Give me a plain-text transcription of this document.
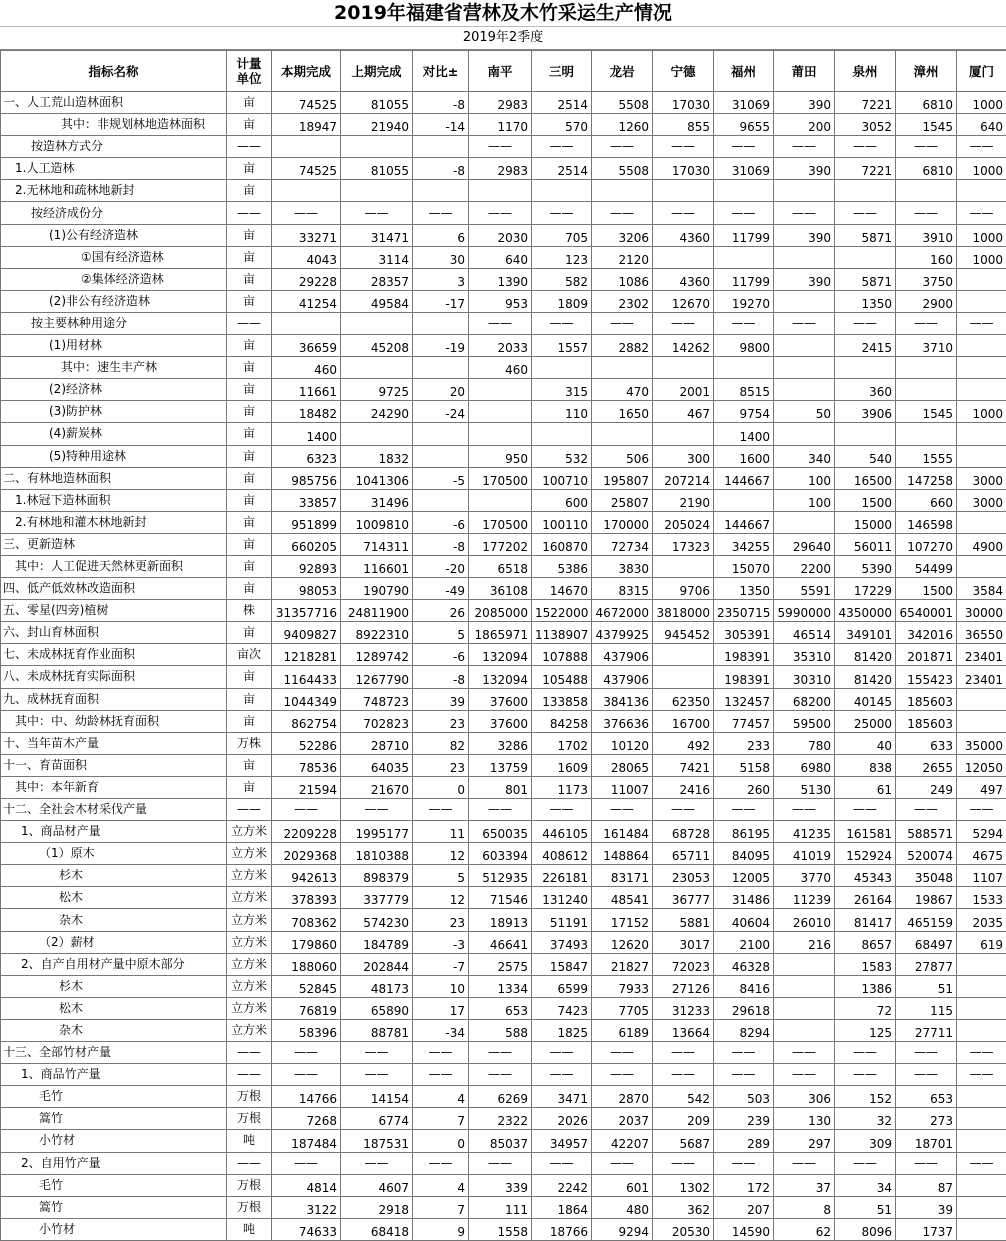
2019年福建省营林及木竹采运生产情况
2019年2季度
指标名称	计量单位	本期完成	上期完成	对比±	南平	三明	龙岩	宁德	福州	莆田	泉州	漳州	厦门
一、人工荒山造林面积	亩	74525	81055	-8	2983	2514	5508	17030	31069	390	7221	6810	1000
其中：非规划林地造林面积	亩	18947	21940	-14	1170	570	1260	855	9655	200	3052	1545	640
按造林方式分	——				——	——	——	——	——	——	——	——	——
1.人工造林	亩	74525	81055	-8	2983	2514	5508	17030	31069	390	7221	6810	1000
2.无林地和疏林地新封	亩												
按经济成份分	——	——	——	——	——	——	——	——	——	——	——	——	——
(1)公有经济造林	亩	33271	31471	6	2030	705	3206	4360	11799	390	5871	3910	1000
①国有经济造林	亩	4043	3114	30	640	123	2120					160	1000
②集体经济造林	亩	29228	28357	3	1390	582	1086	4360	11799	390	5871	3750	
(2)非公有经济造林	亩	41254	49584	-17	953	1809	2302	12670	19270		1350	2900	
按主要林种用途分	——				——	——	——	——	——	——	——	——	——
(1)用材林	亩	36659	45208	-19	2033	1557	2882	14262	9800		2415	3710	
其中：速生丰产林	亩	460			460								
(2)经济林	亩	11661	9725	20		315	470	2001	8515		360		
(3)防护林	亩	18482	24290	-24		110	1650	467	9754	50	3906	1545	1000
(4)薪炭林	亩	1400							1400				
(5)特种用途林	亩	6323	1832		950	532	506	300	1600	340	540	1555	
二、有林地造林面积	亩	985756	1041306	-5	170500	100710	195807	207214	144667	100	16500	147258	3000
1.林冠下造林面积	亩	33857	31496			600	25807	2190		100	1500	660	3000
2.有林地和灌木林地新封	亩	951899	1009810	-6	170500	100110	170000	205024	144667		15000	146598	
三、更新造林	亩	660205	714311	-8	177202	160870	72734	17323	34255	29640	56011	107270	4900
其中：人工促进天然林更新面积	亩	92893	116601	-20	6518	5386	3830		15070	2200	5390	54499	
四、低产低效林改造面积	亩	98053	190790	-49	36108	14670	8315	9706	1350	5591	17229	1500	3584
五、零星(四旁)植树	株	31357716	24811900	26	2085000	1522000	4672000	3818000	2350715	5990000	4350000	6540001	30000
六、封山育林面积	亩	9409827	8922310	5	1865971	1138907	4379925	945452	305391	46514	349101	342016	36550
七、未成林抚育作业面积	亩次	1218281	1289742	-6	132094	107888	437906		198391	35310	81420	201871	23401
八、未成林抚育实际面积	亩	1164433	1267790	-8	132094	105488	437906		198391	30310	81420	155423	23401
九、成林抚育面积	亩	1044349	748723	39	37600	133858	384136	62350	132457	68200	40145	185603	
其中：中、幼龄林抚育面积	亩	862754	702823	23	37600	84258	376636	16700	77457	59500	25000	185603	
十、当年苗木产量	万株	52286	28710	82	3286	1702	10120	492	233	780	40	633	35000
十一、育苗面积	亩	78536	64035	23	13759	1609	28065	7421	5158	6980	838	2655	12050
其中：本年新育	亩	21594	21670	0	801	1173	11007	2416	260	5130	61	249	497
十二、全社会木材采伐产量	——	——	——	——	——	——	——	——	——	——	——	——	——
1、商品材产量	立方米	2209228	1995177	11	650035	446105	161484	68728	86195	41235	161581	588571	5294
（1）原木	立方米	2029368	1810388	12	603394	408612	148864	65711	84095	41019	152924	520074	4675
杉木	立方米	942613	898379	5	512935	226181	83171	23053	12005	3770	45343	35048	1107
松木	立方米	378393	337779	12	71546	131240	48541	36777	31486	11239	26164	19867	1533
杂木	立方米	708362	574230	23	18913	51191	17152	5881	40604	26010	81417	465159	2035
（2）薪材	立方米	179860	184789	-3	46641	37493	12620	3017	2100	216	8657	68497	619
2、自产自用材产量中原木部分	立方米	188060	202844	-7	2575	15847	21827	72023	46328		1583	27877	
杉木	立方米	52845	48173	10	1334	6599	7933	27126	8416		1386	51	
松木	立方米	76819	65890	17	653	7423	7705	31233	29618		72	115	
杂木	立方米	58396	88781	-34	588	1825	6189	13664	8294		125	27711	
十三、全部竹材产量	——	——	——	——	——	——	——	——	——	——	——	——	——
1、商品竹产量	——	——	——	——	——	——	——	——	——	——	——	——	——
毛竹	万根	14766	14154	4	6269	3471	2870	542	503	306	152	653	
篙竹	万根	7268	6774	7	2322	2026	2037	209	239	130	32	273	
小竹材	吨	187484	187531	0	85037	34957	42207	5687	289	297	309	18701	
2、自用竹产量	——	——	——	——	——	——	——	——	——	——	——	——	——
毛竹	万根	4814	4607	4	339	2242	601	1302	172	37	34	87	
篙竹	万根	3122	2918	7	111	1864	480	362	207	8	51	39	
小竹材	吨	74633	68418	9	1558	18766	9294	20530	14590	62	8096	1737	
